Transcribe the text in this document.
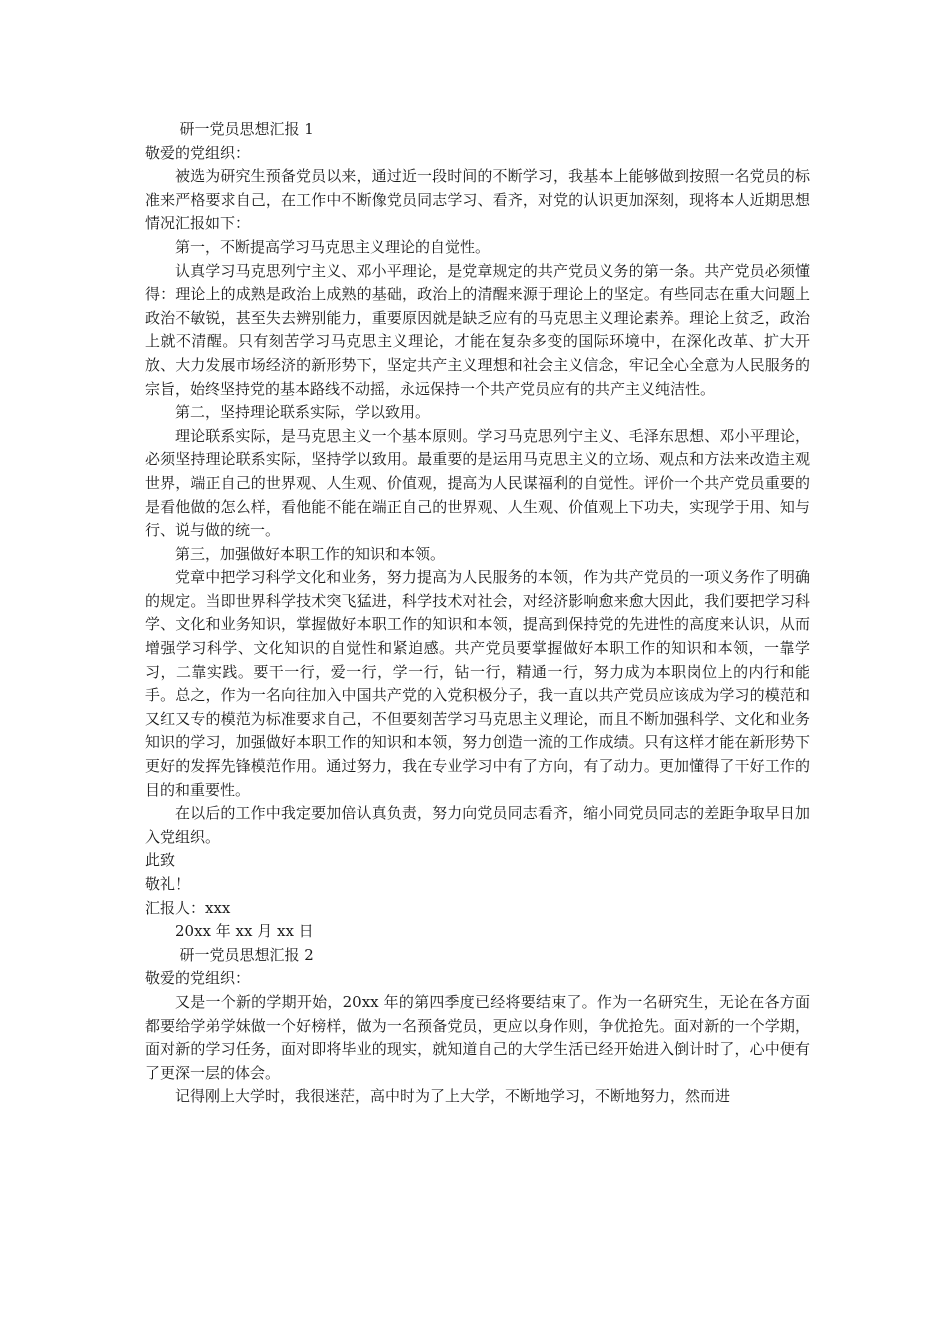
研一党员思想汇报 1
敬爱的党组织：

被选为研究生预备党员以来，通过近一段时间的不断学习，我基本上能够做到按照一名党员的标准来严格要求自己，在工作中不断像党员同志学习、看齐，对党的认识更加深刻，现将本人近期思想情况汇报如下：

第一，不断提高学习马克思主义理论的自觉性。

认真学习马克思列宁主义、邓小平理论，是党章规定的共产党员义务的第一条。共产党员必须懂得：理论上的成熟是政治上成熟的基础，政治上的清醒来源于理论上的坚定。有些同志在重大问题上政治不敏锐，甚至失去辨别能力，重要原因就是缺乏应有的马克思主义理论素养。理论上贫乏，政治上就不清醒。只有刻苦学习马克思主义理论，才能在复杂多变的国际环境中，在深化改革、扩大开放、大力发展市场经济的新形势下，坚定共产主义理想和社会主义信念，牢记全心全意为人民服务的宗旨，始终坚持党的基本路线不动摇，永远保持一个共产党员应有的共产主义纯洁性。

第二，坚持理论联系实际，学以致用。

理论联系实际，是马克思主义一个基本原则。学习马克思列宁主义、毛泽东思想、邓小平理论，必须坚持理论联系实际，坚持学以致用。最重要的是运用马克思主义的立场、观点和方法来改造主观世界，端正自己的世界观、人生观、价值观，提高为人民谋福利的自觉性。评价一个共产党员重要的是看他做的怎么样，看他能不能在端正自己的世界观、人生观、价值观上下功夫，实现学于用、知与行、说与做的统一。

第三，加强做好本职工作的知识和本领。

党章中把学习科学文化和业务，努力提高为人民服务的本领，作为共产党员的一项义务作了明确的规定。当即世界科学技术突飞猛进，科学技术对社会，对经济影响愈来愈大因此，我们要把学习科学、文化和业务知识，掌握做好本职工作的知识和本领，提高到保持党的先进性的高度来认识，从而增强学习科学、文化知识的自觉性和紧迫感。共产党员要掌握做好本职工作的知识和本领，一靠学习，二靠实践。要干一行，爱一行，学一行，钻一行，精通一行，努力成为本职岗位上的内行和能手。总之，作为一名向往加入中国共产党的入党积极分子，我一直以共产党员应该成为学习的模范和又红又专的模范为标准要求自己，不但要刻苦学习马克思主义理论，而且不断加强科学、文化和业务知识的学习，加强做好本职工作的知识和本领，努力创造一流的工作成绩。只有这样才能在新形势下更好的发挥先锋模范作用。通过努力，我在专业学习中有了方向，有了动力。更加懂得了干好工作的目的和重要性。

在以后的工作中我定要加倍认真负责，努力向党员同志看齐，缩小同党员同志的差距争取早日加入党组织。

此致
敬礼！
汇报人：xxx
20xx 年 xx 月 xx 日
研一党员思想汇报 2
敬爱的党组织：

又是一个新的学期开始，20xx 年的第四季度已经将要结束了。作为一名研究生，无论在各方面都要给学弟学妹做一个好榜样，做为一名预备党员，更应以身作则，争优抢先。面对新的一个学期，面对新的学习任务，面对即将毕业的现实，就知道自己的大学生活已经开始进入倒计时了，心中便有了更深一层的体会。

记得刚上大学时，我很迷茫，高中时为了上大学，不断地学习，不断地努力，然而进
